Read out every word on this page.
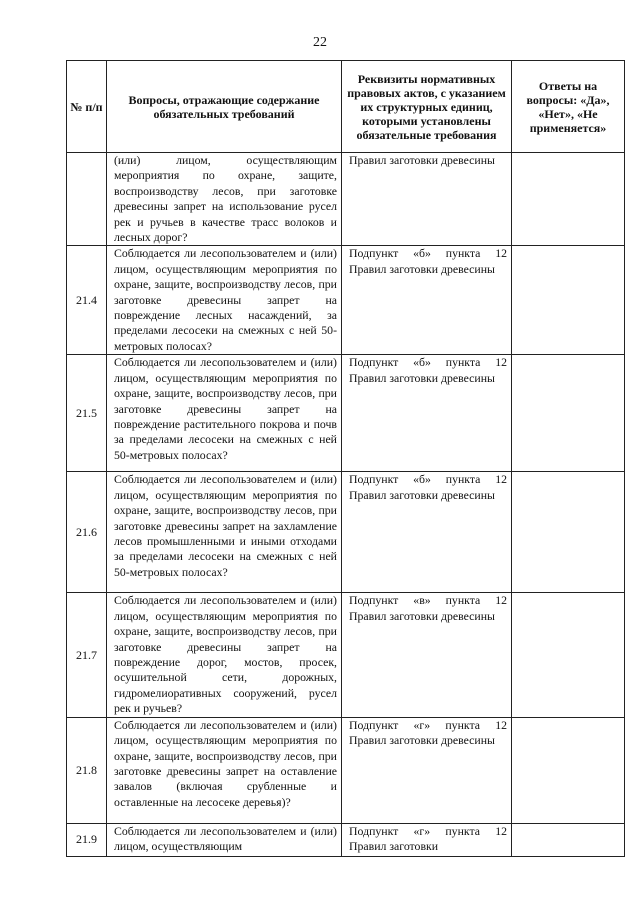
22
№ п/п	Вопросы, отражающие содержание обязательных требований	Реквизиты нормативных правовых актов, с указанием их структурных единиц, которыми установлены обязательные требования	Ответы на вопросы: «Да», «Нет», «Не применяется»
	(или) лицом, осуществляющим мероприятия по охране, защите, воспроизводству лесов, при заготовке древесины запрет на использование русел рек и ручьев в качестве трасс волоков и лесных дорог?	Правил заготовки древесины	
21.4	Соблюдается ли лесопользователем и (или) лицом, осуществляющим мероприятия по охране, защите, воспроизводству лесов, при заготовке древесины запрет на повреждение лесных насаждений, за пределами лесосеки на смежных с ней 50-метровых полосах?	Подпункт «б» пункта 12 Правил заготовки древесины	
21.5	Соблюдается ли лесопользователем и (или) лицом, осуществляющим мероприятия по охране, защите, воспроизводству лесов, при заготовке древесины запрет на повреждение растительного покрова и почв за пределами лесосеки на смежных с ней 50-метровых полосах?	Подпункт «б» пункта 12 Правил заготовки древесины	
21.6	Соблюдается ли лесопользователем и (или) лицом, осуществляющим мероприятия по охране, защите, воспроизводству лесов, при заготовке древесины запрет на захламление лесов промышленными и иными отходами за пределами лесосеки на смежных с ней 50-метровых полосах?	Подпункт «б» пункта 12 Правил заготовки древесины	
21.7	Соблюдается ли лесопользователем и (или) лицом, осуществляющим мероприятия по охране, защите, воспроизводству лесов, при заготовке древесины запрет на повреждение дорог, мостов, просек, осушительной сети, дорожных, гидромелиоративных сооружений, русел рек и ручьев?	Подпункт «в» пункта 12 Правил заготовки древесины	
21.8	Соблюдается ли лесопользователем и (или) лицом, осуществляющим мероприятия по охране, защите, воспроизводству лесов, при заготовке древесины запрет на оставление завалов (включая срубленные и оставленные на лесосеке деревья)?	Подпункт «г» пункта 12 Правил заготовки древесины	
21.9	Соблюдается ли лесопользователем и (или) лицом, осуществляющим	Подпункт «г» пункта 12 Правил заготовки	
